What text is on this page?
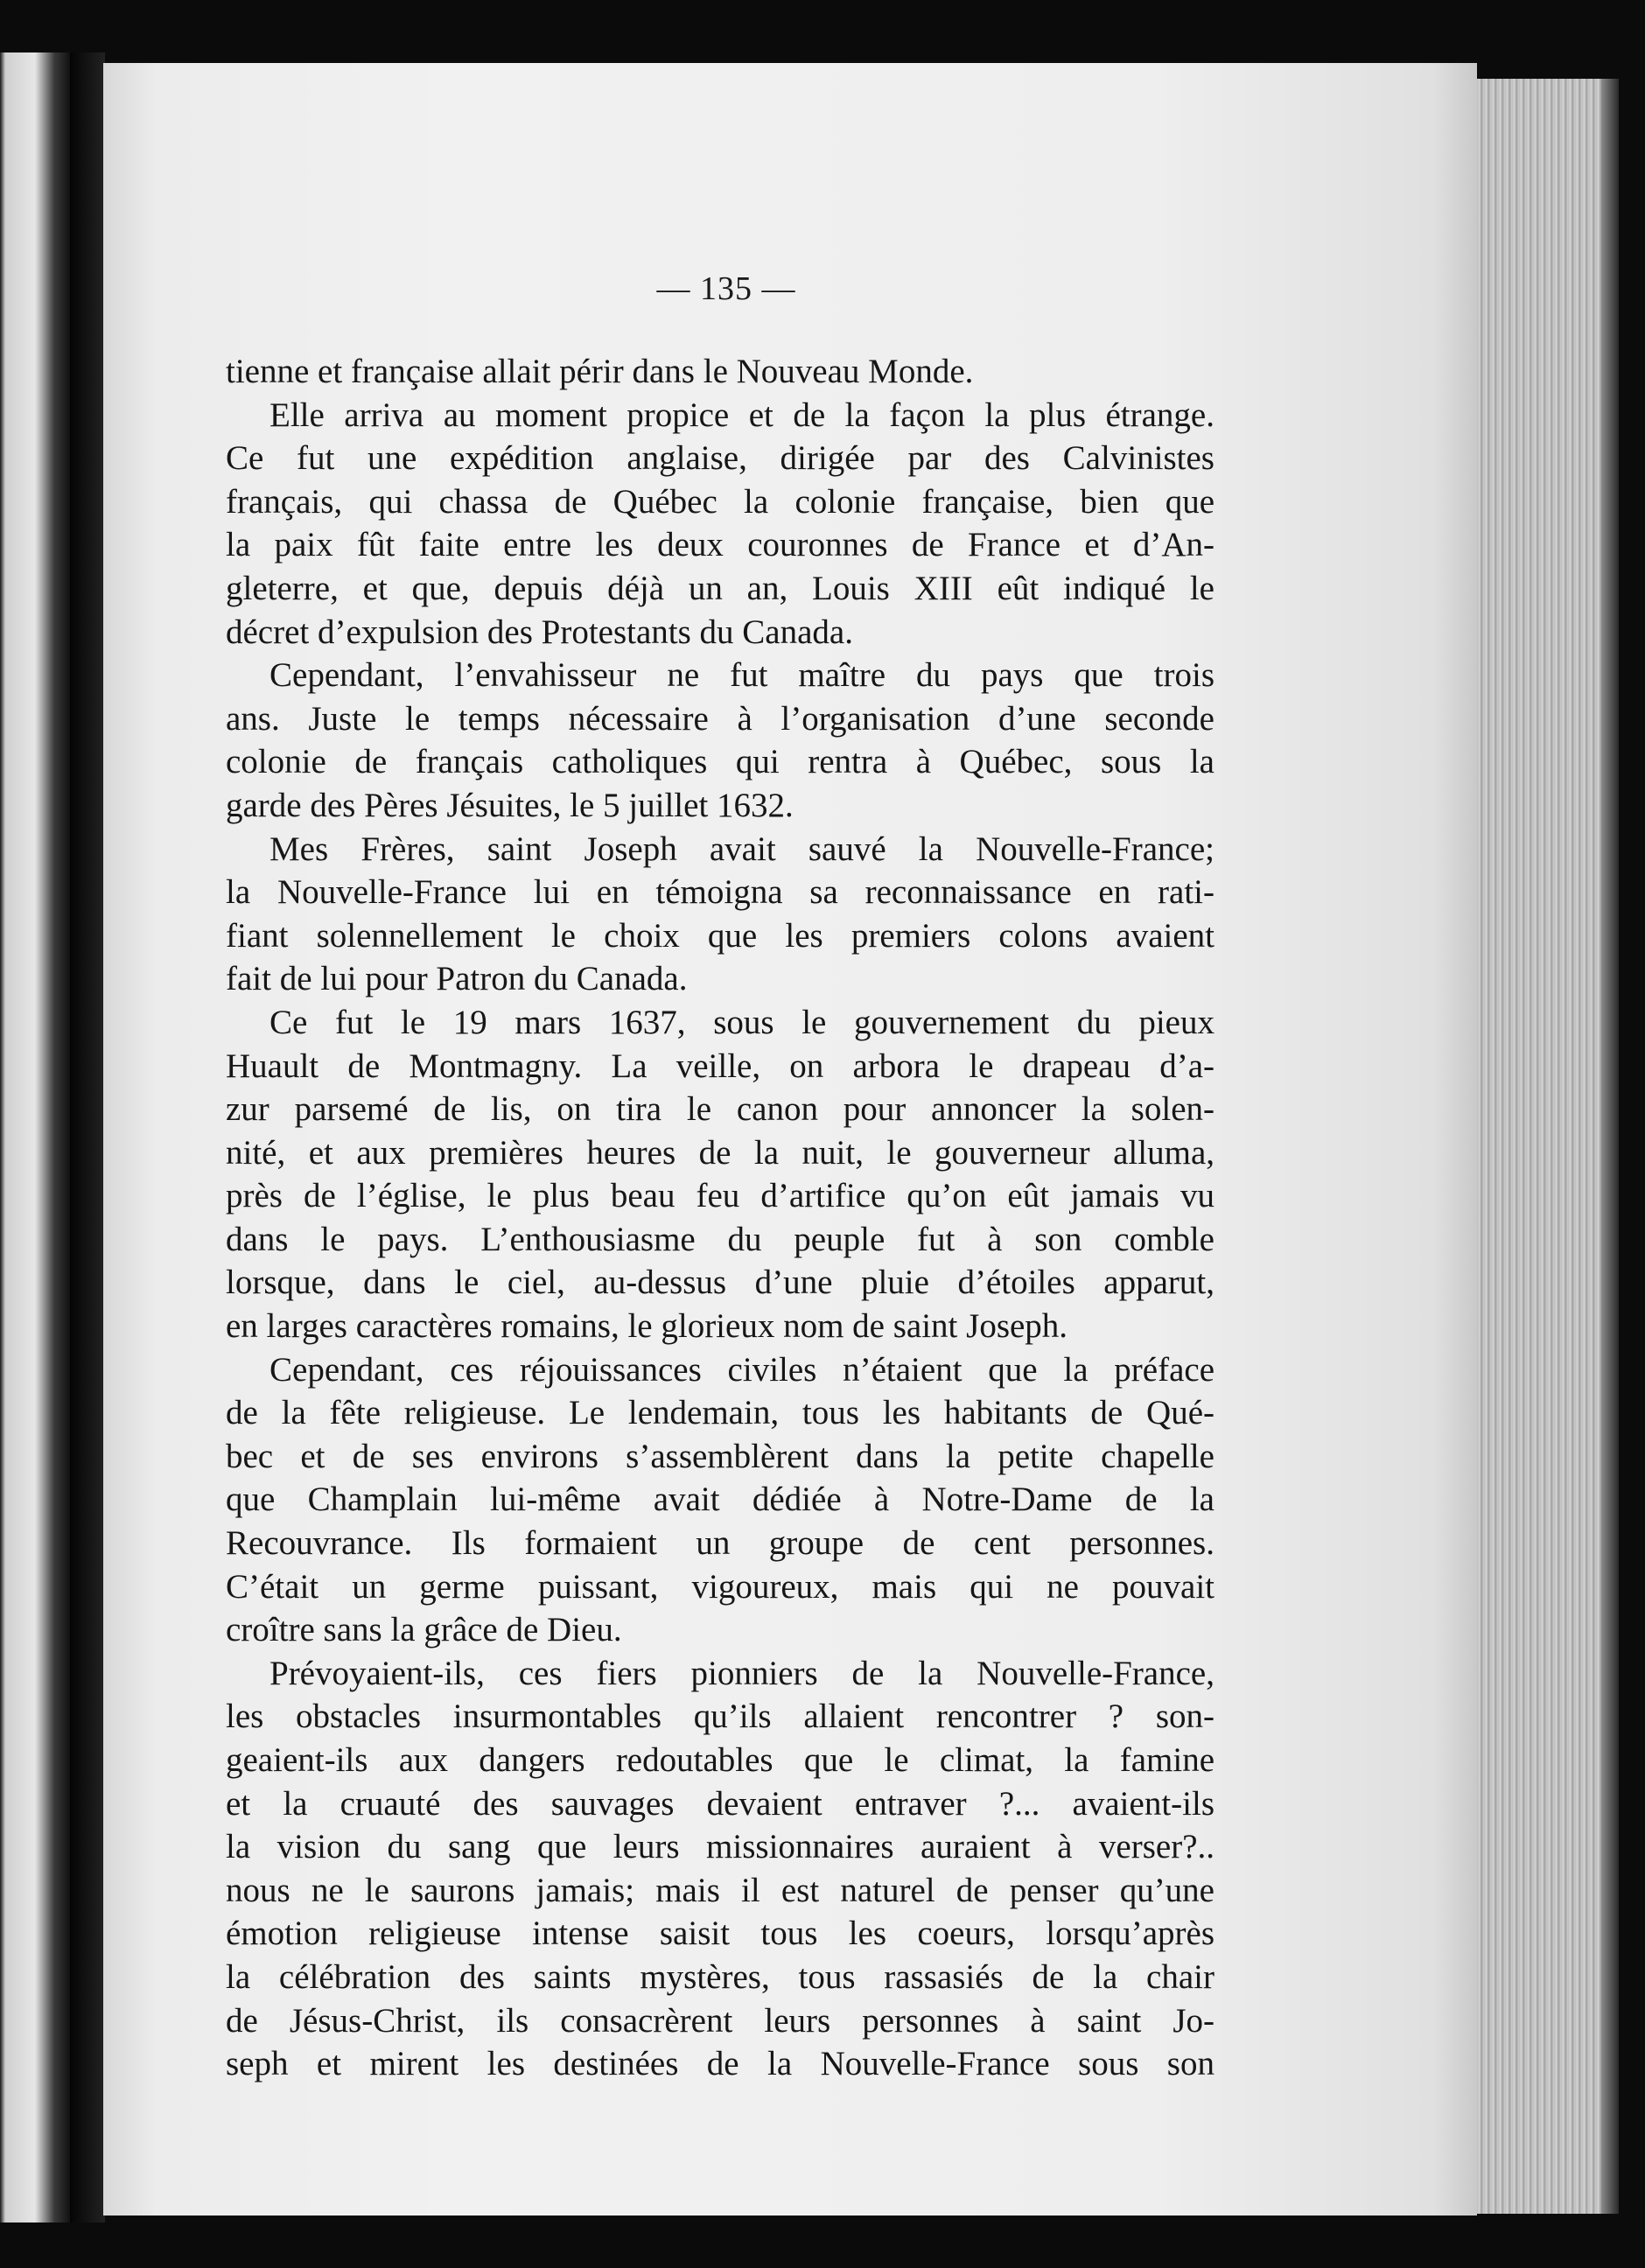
— 135 —
tienne et française allait périr dans le Nouveau Monde.
Elle arriva au moment propice et de la façon la plus étrange.
Ce fut une expédition anglaise, dirigée par des Calvinistes
français, qui chassa de Québec la colonie française, bien que
la paix fût faite entre les deux couronnes de France et d’An-
gleterre, et que, depuis déjà un an, Louis XIII eût indiqué le
décret d’expulsion des Protestants du Canada.
Cependant, l’envahisseur ne fut maître du pays que trois
ans. Juste le temps nécessaire à l’organisation d’une seconde
colonie de français catholiques qui rentra à Québec, sous la
garde des Pères Jésuites, le 5 juillet 1632.
Mes Frères, saint Joseph avait sauvé la Nouvelle-France;
la Nouvelle-France lui en témoigna sa reconnaissance en rati-
fiant solennellement le choix que les premiers colons avaient
fait de lui pour Patron du Canada.
Ce fut le 19 mars 1637, sous le gouvernement du pieux
Huault de Montmagny. La veille, on arbora le drapeau d’a-
zur parsemé de lis, on tira le canon pour annoncer la solen-
nité, et aux premières heures de la nuit, le gouverneur alluma,
près de l’église, le plus beau feu d’artifice qu’on eût jamais vu
dans le pays. L’enthousiasme du peuple fut à son comble
lorsque, dans le ciel, au-dessus d’une pluie d’étoiles apparut,
en larges caractères romains, le glorieux nom de saint Joseph.
Cependant, ces réjouissances civiles n’étaient que la préface
de la fête religieuse. Le lendemain, tous les habitants de Qué-
bec et de ses environs s’assemblèrent dans la petite chapelle
que Champlain lui-même avait dédiée à Notre-Dame de la
Recouvrance. Ils formaient un groupe de cent personnes.
C’était un germe puissant, vigoureux, mais qui ne pouvait
croître sans la grâce de Dieu.
Prévoyaient-ils, ces fiers pionniers de la Nouvelle-France,
les obstacles insurmontables qu’ils allaient rencontrer ? son-
geaient-ils aux dangers redoutables que le climat, la famine
et la cruauté des sauvages devaient entraver ?... avaient-ils
la vision du sang que leurs missionnaires auraient à verser?..
nous ne le saurons jamais; mais il est naturel de penser qu’une
émotion religieuse intense saisit tous les coeurs, lorsqu’après
la célébration des saints mystères, tous rassasiés de la chair
de Jésus-Christ, ils consacrèrent leurs personnes à saint Jo-
seph et mirent les destinées de la Nouvelle-France sous son
